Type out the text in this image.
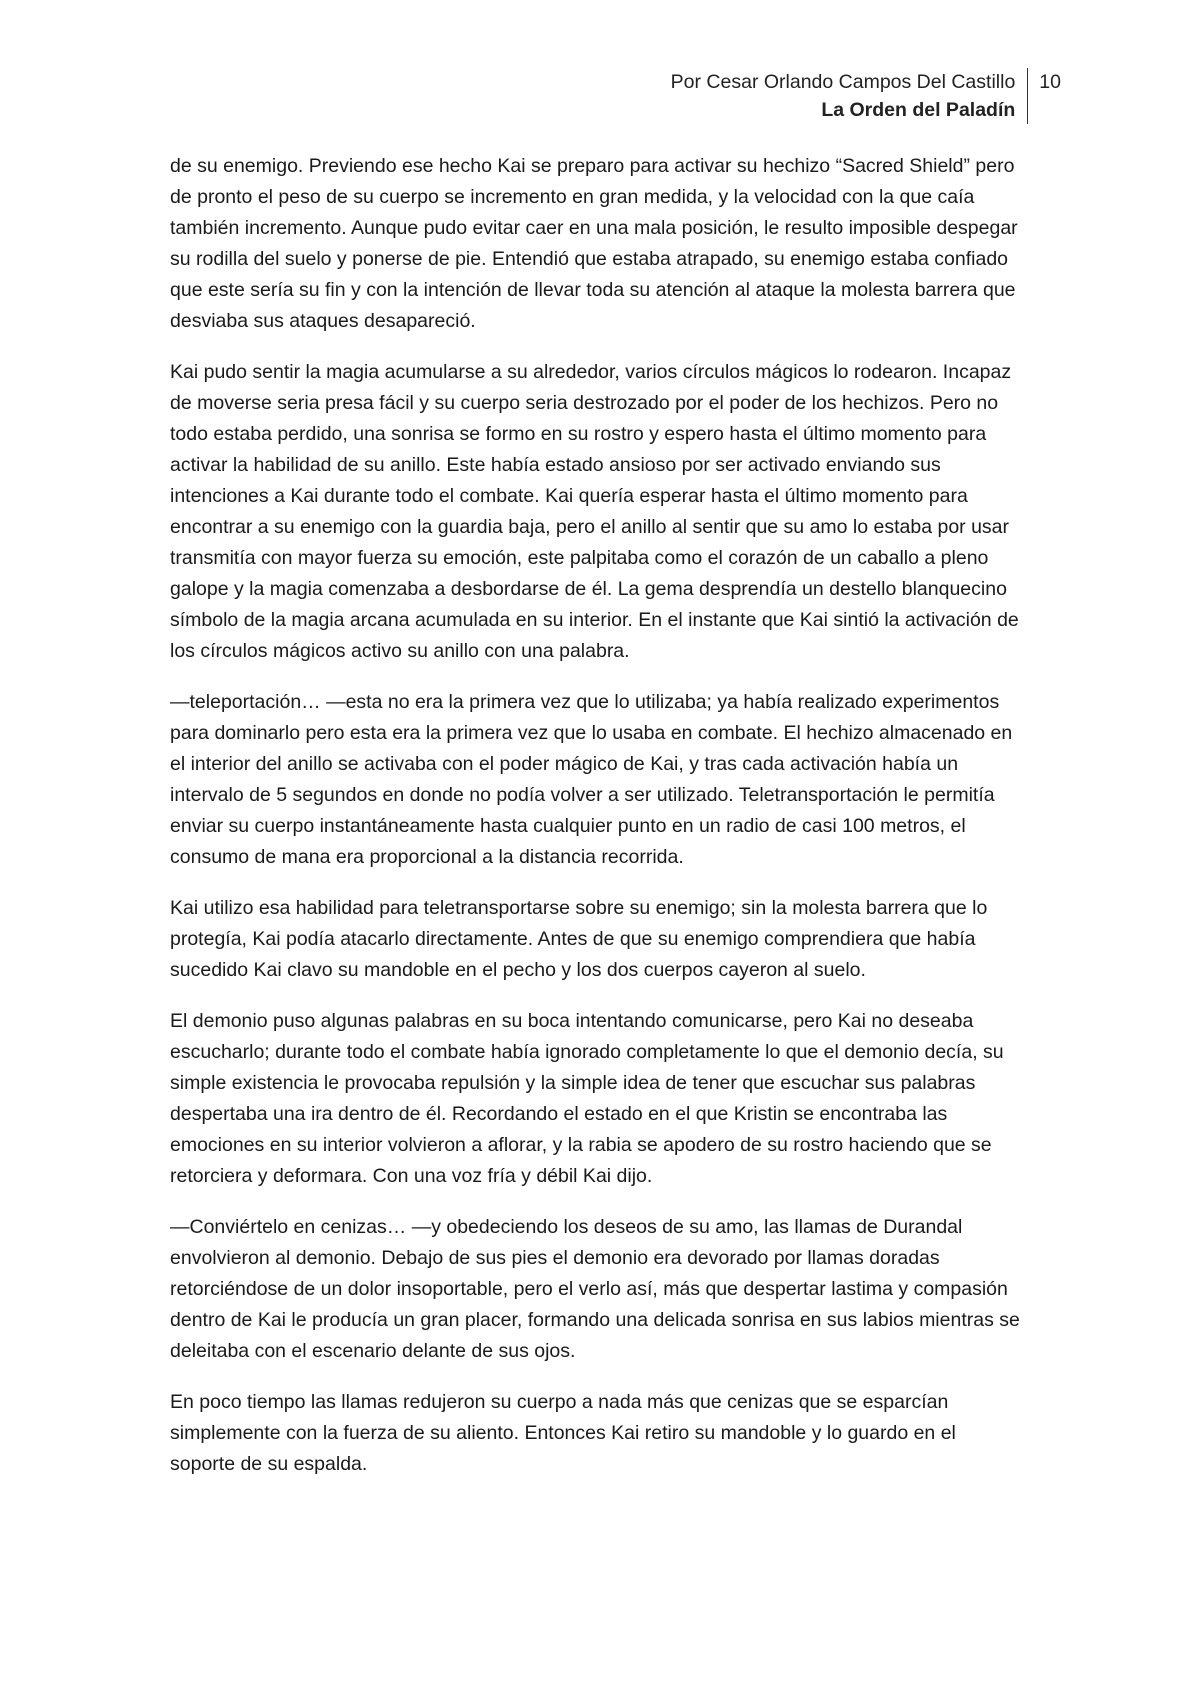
Por Cesar Orlando Campos Del Castillo
La Orden del Paladín
10

de su enemigo. Previendo ese hecho Kai se preparo para activar su hechizo “Sacred Shield” pero de pronto el peso de su cuerpo se incremento en gran medida, y la velocidad con la que caía también incremento. Aunque pudo evitar caer en una mala posición, le resulto imposible despegar su rodilla del suelo y ponerse de pie. Entendió que estaba atrapado, su enemigo estaba confiado que este sería su fin y con la intención de llevar toda su atención al ataque la molesta barrera que desviaba sus ataques desapareció.

Kai pudo sentir la magia acumularse a su alrededor, varios círculos mágicos lo rodearon. Incapaz de moverse seria presa fácil y su cuerpo seria destrozado por el poder de los hechizos. Pero no todo estaba perdido, una sonrisa se formo en su rostro y espero hasta el último momento para activar la habilidad de su anillo. Este había estado ansioso por ser activado enviando sus intenciones a Kai durante todo el combate. Kai quería esperar hasta el último momento para encontrar a su enemigo con la guardia baja, pero el anillo al sentir que su amo lo estaba por usar transmitía con mayor fuerza su emoción, este palpitaba como el corazón de un caballo a pleno galope y la magia comenzaba a desbordarse de él. La gema desprendía un destello blanquecino símbolo de la magia arcana acumulada en su interior. En el instante que Kai sintió la activación de los círculos mágicos activo su anillo con una palabra.

—teleportación… —esta no era la primera vez que lo utilizaba; ya había realizado experimentos para dominarlo pero esta era la primera vez que lo usaba en combate. El hechizo almacenado en el interior del anillo se activaba con el poder mágico de Kai, y tras cada activación había un intervalo de 5 segundos en donde no podía volver a ser utilizado. Teletransportación le permitía enviar su cuerpo instantáneamente hasta cualquier punto en un radio de casi 100 metros, el consumo de mana era proporcional a la distancia recorrida.

Kai utilizo esa habilidad para teletransportarse sobre su enemigo; sin la molesta barrera que lo protegía, Kai podía atacarlo directamente. Antes de que su enemigo comprendiera que había sucedido Kai clavo su mandoble en el pecho y los dos cuerpos cayeron al suelo.

El demonio puso algunas palabras en su boca intentando comunicarse, pero Kai no deseaba escucharlo; durante todo el combate había ignorado completamente lo que el demonio decía, su simple existencia le provocaba repulsión y la simple idea de tener que escuchar sus palabras despertaba una ira dentro de él. Recordando el estado en el que Kristin se encontraba las emociones en su interior volvieron a aflorar, y la rabia se apodero de su rostro haciendo que se retorciera y deformara. Con una voz fría y débil Kai dijo.

—Conviértelo en cenizas… —y obedeciendo los deseos de su amo, las llamas de Durandal envolvieron al demonio. Debajo de sus pies el demonio era devorado por llamas doradas retorciéndose de un dolor insoportable, pero el verlo así, más que despertar lastima y compasión dentro de Kai le producía un gran placer, formando una delicada sonrisa en sus labios mientras se deleitaba con el escenario delante de sus ojos.

En poco tiempo las llamas redujeron su cuerpo a nada más que cenizas que se esparcían simplemente con la fuerza de su aliento. Entonces Kai retiro su mandoble y lo guardo en el soporte de su espalda.
